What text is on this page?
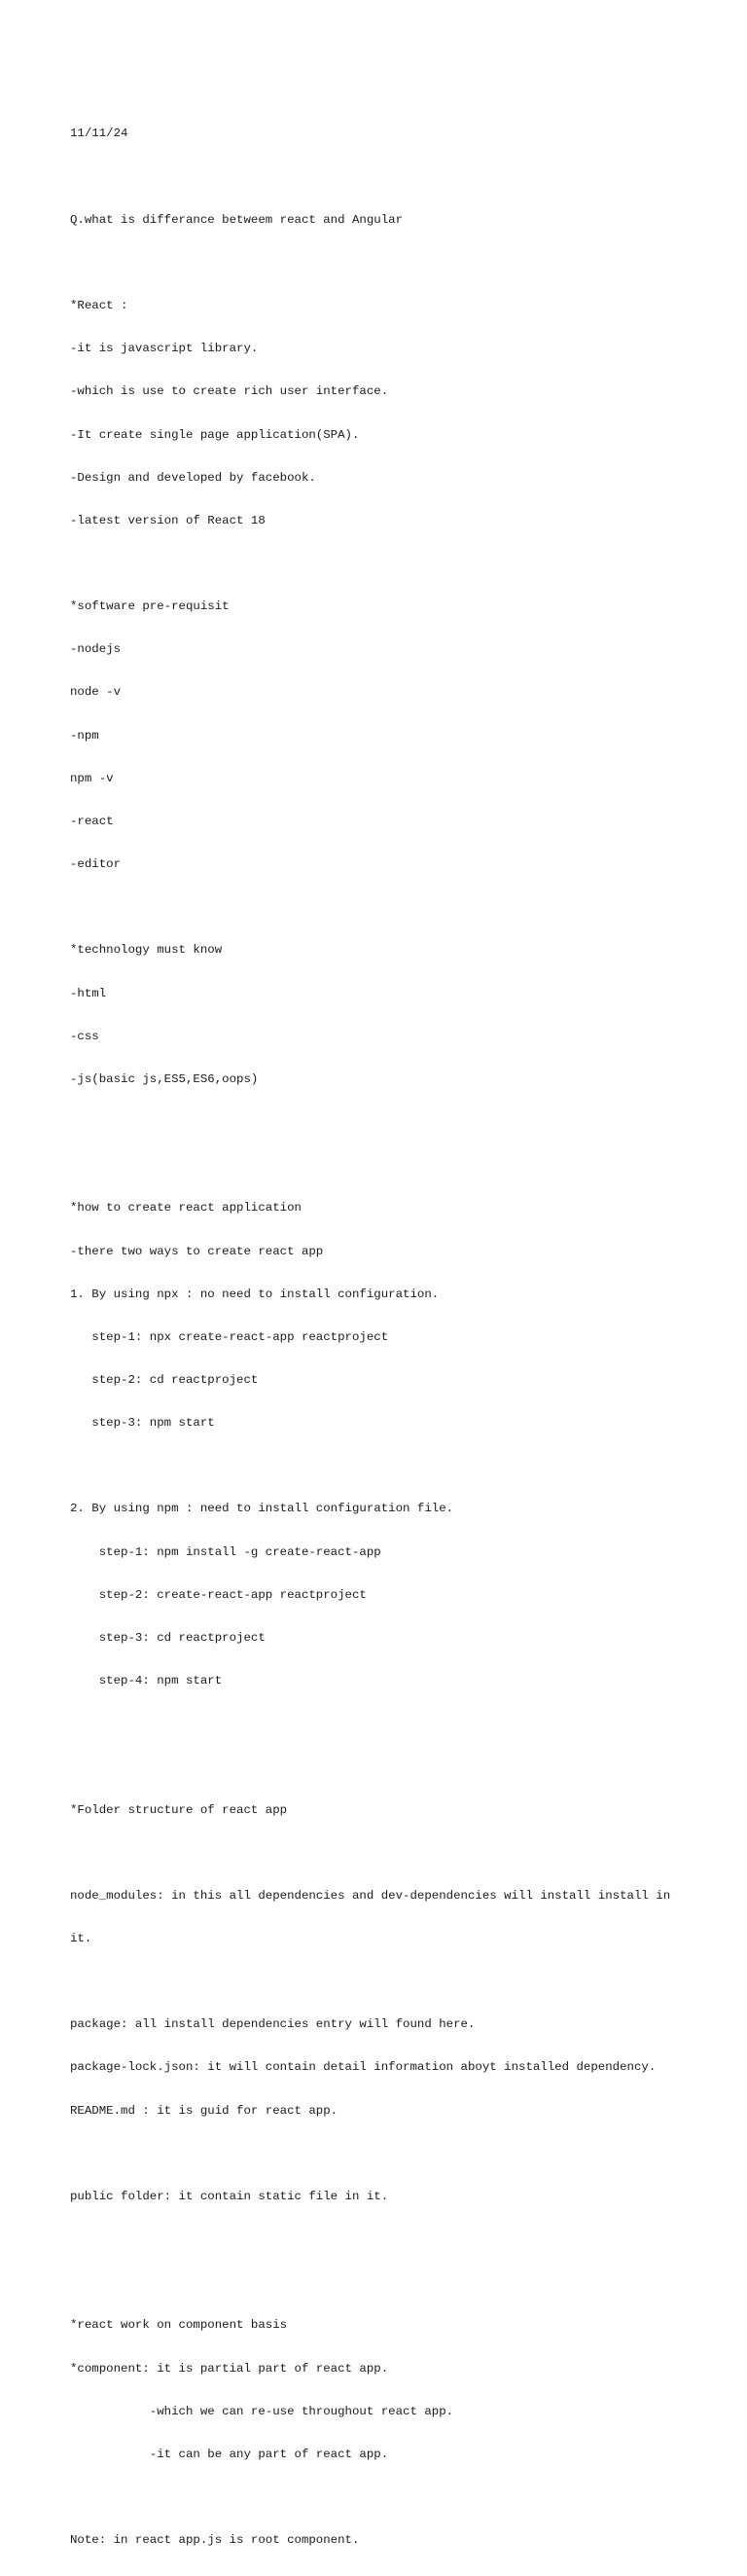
11/11/24

Q.what is differance betweem react and Angular

*React :

-it is javascript library.

-which is use to create rich user interface.

-It create single page application(SPA).

-Design and developed by facebook.

-latest version of React 18

*software pre-requisit

-nodejs

node -v

-npm

npm -v

-react

-editor

*technology must know

-html

-css

-js(basic js,ES5,ES6,oops)

*how to create react application

-there two ways to create react app

1. By using npx : no need to install configuration.

step-1: npx create-react-app reactproject

step-2: cd reactproject

step-3: npm start

2. By using npm : need to install configuration file.

step-1: npm install -g create-react-app

step-2: create-react-app reactproject

step-3: cd reactproject

step-4: npm start

*Folder structure of react app

node_modules: in this all dependencies and dev-dependencies will install install in

it.

package: all install dependencies entry will found here.

package-lock.json: it will contain detail information aboyt installed dependency.

README.md : it is guid for react app.

public folder: it contain static file in it.

*react work on component basis

*component: it is partial part of react app.

-which we can re-use throughout react app.

-it can be any part of react app.

Note: in react app.js is root component.
